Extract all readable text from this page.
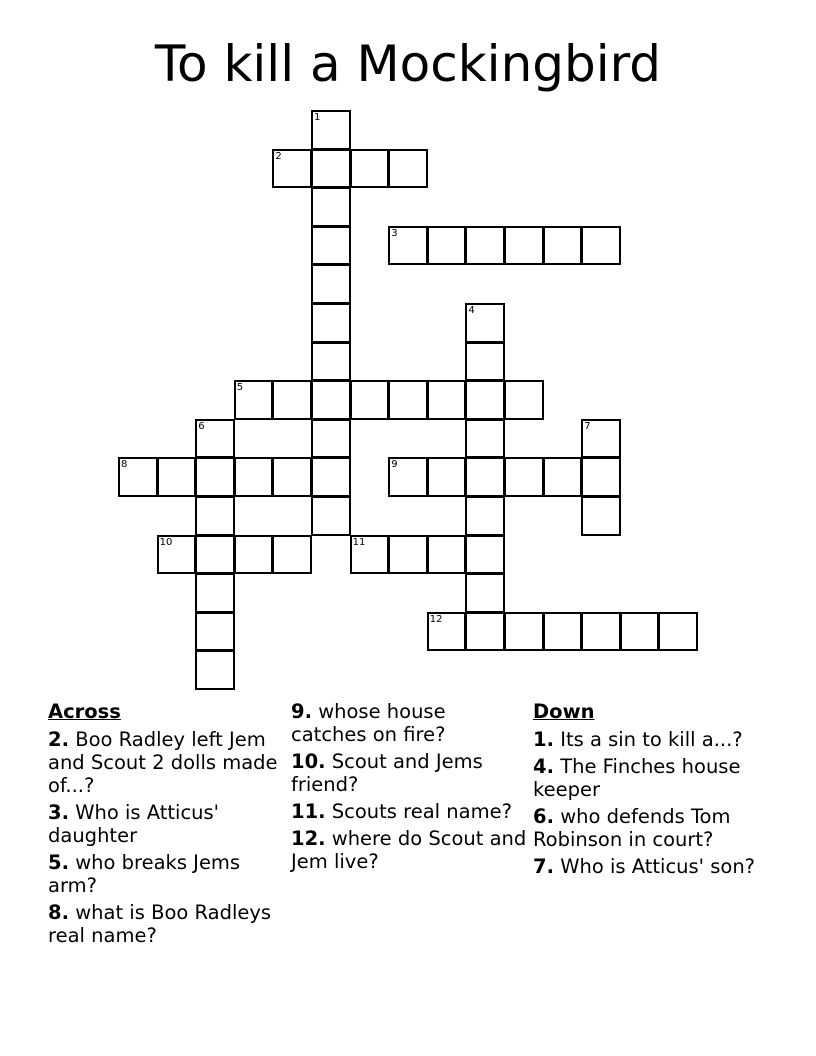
To kill a Mockingbird
1
2
3
4
5
6	7
8	9
10	11
12
Across
2. Boo Radley left Jem and Scout 2 dolls made of...?
3. Who is Atticus' daughter
5. who breaks Jems arm?
8. what is Boo Radleys real name?
9. whose house catches on fire?
10. Scout and Jems friend?
11. Scouts real name?
12. where do Scout and Jem live?
Down
1. Its a sin to kill a...?
4. The Finches house keeper
6. who defends Tom Robinson in court?
7. Who is Atticus' son?
